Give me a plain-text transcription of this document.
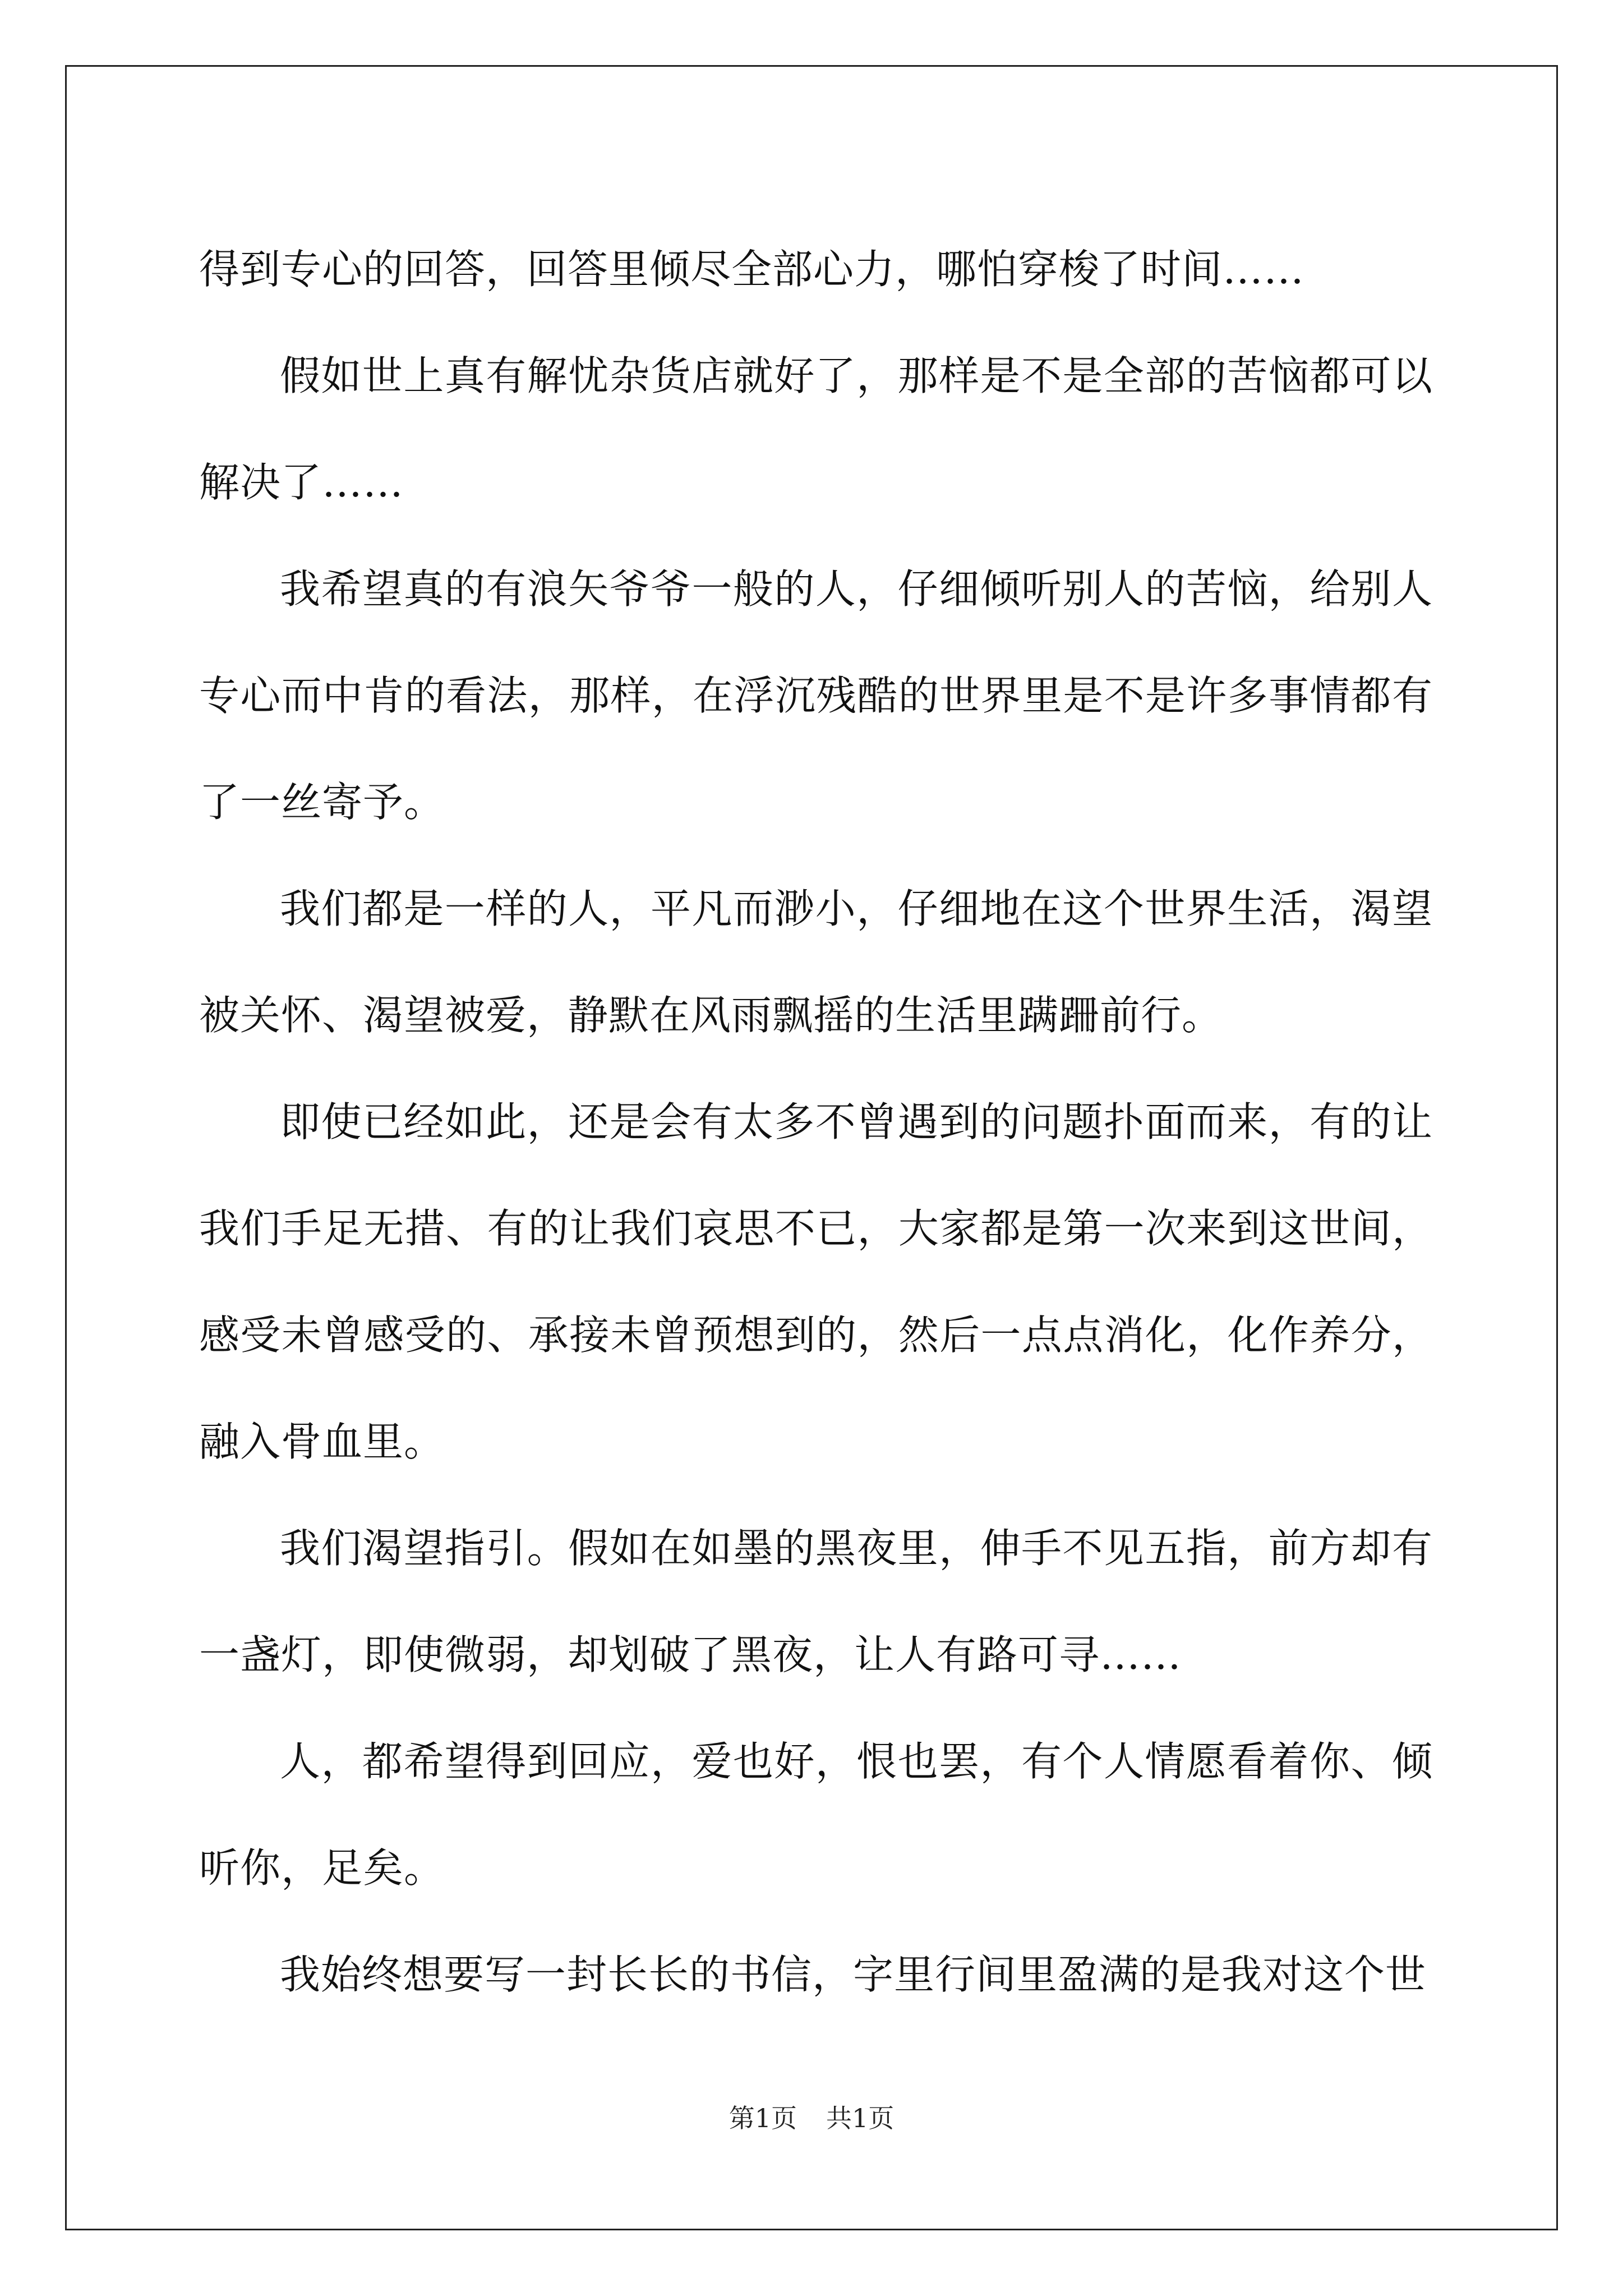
得到专心的回答，回答里倾尽全部心力，哪怕穿梭了时间……

假如世上真有解忧杂货店就好了，那样是不是全部的苦恼都可以解决了……

我希望真的有浪矢爷爷一般的人，仔细倾听别人的苦恼，给别人专心而中肯的看法，那样，在浮沉残酷的世界里是不是许多事情都有了一丝寄予。

我们都是一样的人，平凡而渺小，仔细地在这个世界生活，渴望被关怀、渴望被爱，静默在风雨飘摇的生活里蹒跚前行。

即使已经如此，还是会有太多不曾遇到的问题扑面而来，有的让我们手足无措、有的让我们哀思不已，大家都是第一次来到这世间，感受未曾感受的、承接未曾预想到的，然后一点点消化，化作养分，融入骨血里。

我们渴望指引。假如在如墨的黑夜里，伸手不见五指，前方却有一盏灯，即使微弱，却划破了黑夜，让人有路可寻……

人，都希望得到回应，爱也好，恨也罢，有个人情愿看着你、倾听你，足矣。

我始终想要写一封长长的书信，字里行间里盈满的是我对这个世

第1页 共1页
